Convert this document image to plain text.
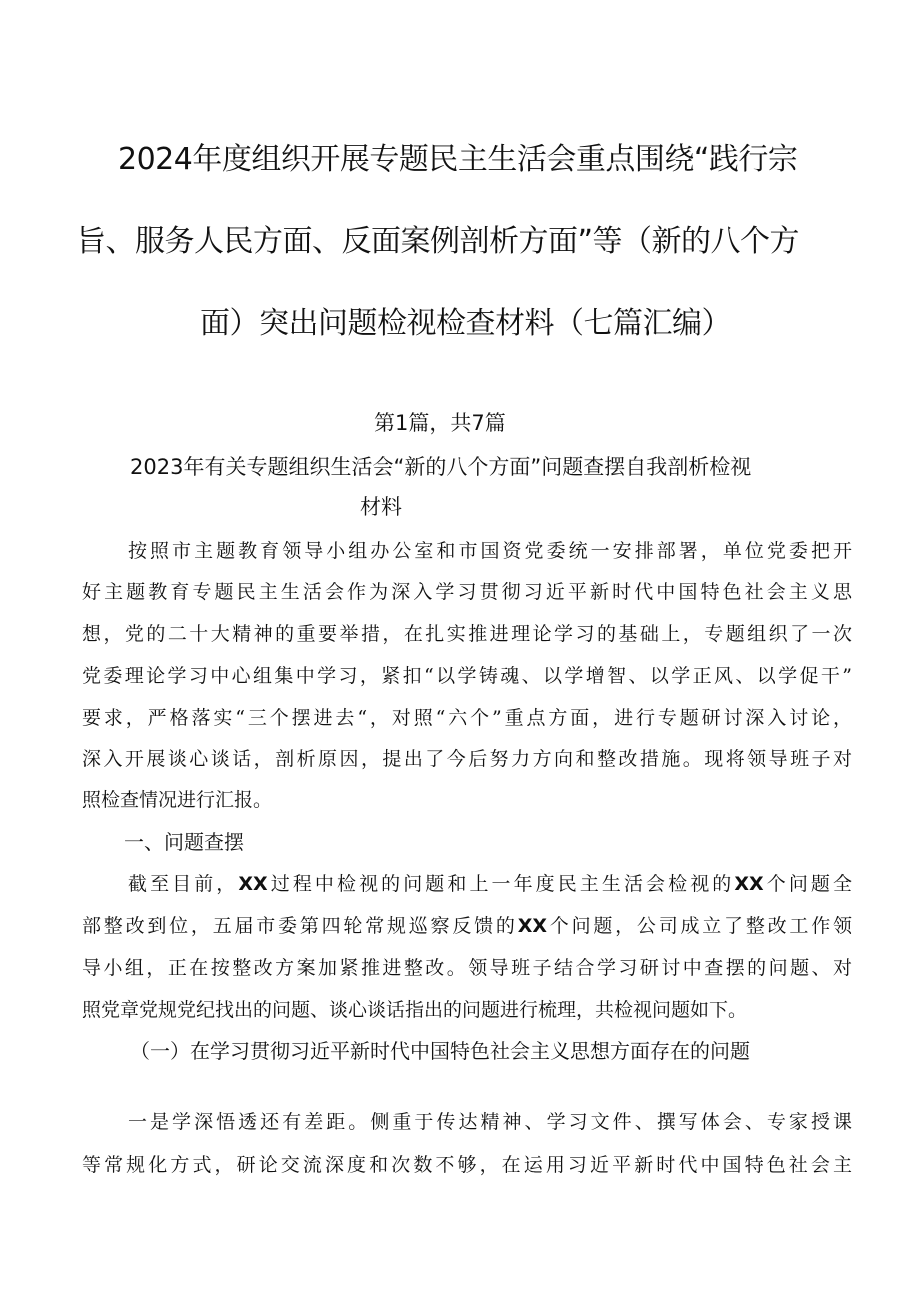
2024年度组织开展专题民主生活会重点围绕“践行宗
旨、服务人民方面、反面案例剖析方面”等（新的八个方
面）突出问题检视检查材料（七篇汇编）
第1篇，共7篇
2023年有关专题组织生活会“新的八个方面”问题查摆自我剖析检视
材料
按照市主题教育领导小组办公室和市国资党委统一安排部署，单位党委把开
好主题教育专题民主生活会作为深入学习贯彻习近平新时代中国特色社会主义思
想，党的二十大精神的重要举措，在扎实推进理论学习的基础上，专题组织了一次
党委理论学习中心组集中学习，紧扣“以学铸魂、以学增智、以学正风、以学促干”
要求，严格落实“三个摆进去“，对照“六个”重点方面，进行专题研讨深入讨论，
深入开展谈心谈话，剖析原因，提出了今后努力方向和整改措施。现将领导班子对
照检查情况进行汇报。
一、问题查摆
截至目前，XX过程中检视的问题和上一年度民主生活会检视的XX个问题全
部整改到位，五届市委第四轮常规巡察反馈的XX个问题，公司成立了整改工作领
导小组，正在按整改方案加紧推进整改。领导班子结合学习研讨中查摆的问题、对
照党章党规党纪找出的问题、谈心谈话指出的问题进行梳理，共检视问题如下。
（一）在学习贯彻习近平新时代中国特色社会主义思想方面存在的问题
一是学深悟透还有差距。侧重于传达精神、学习文件、撰写体会、专家授课
等常规化方式，研论交流深度和次数不够，在运用习近平新时代中国特色社会主
